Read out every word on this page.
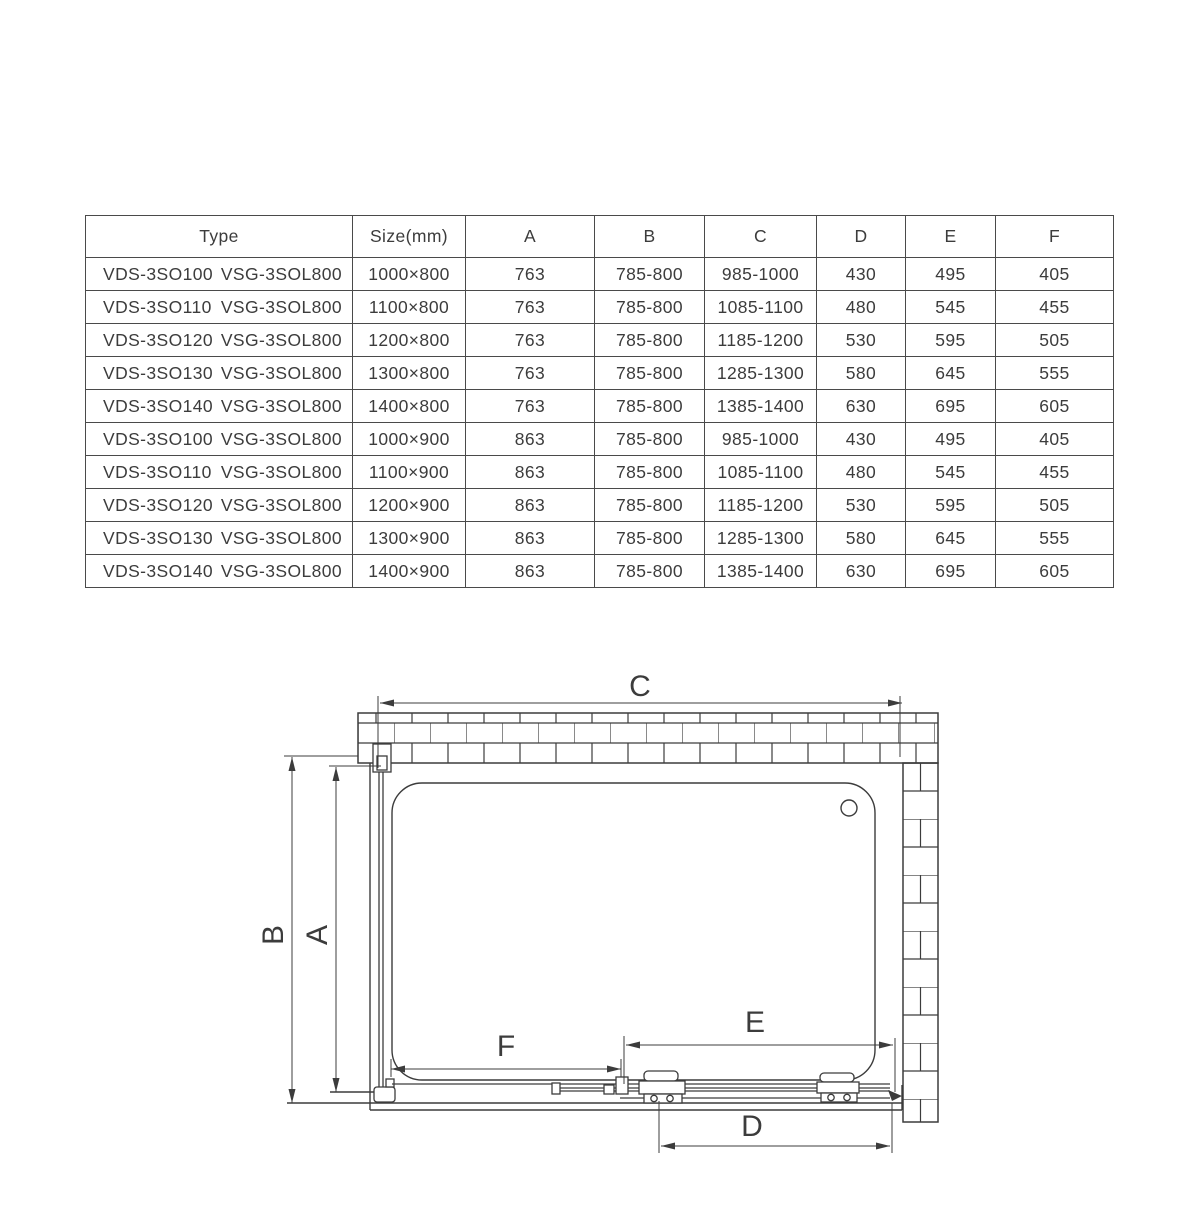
Type	Size(mm)	A	B	C	D	E	F

VDS-3SO100 VSG-3SOL800	1000×800	763	785-800	985-1000	430	495	405

VDS-3SO110 VSG-3SOL800	1100×800	763	785-800	1085-1100	480	545	455

VDS-3SO120 VSG-3SOL800	1200×800	763	785-800	1185-1200	530	595	505

VDS-3SO130 VSG-3SOL800	1300×800	763	785-800	1285-1300	580	645	555

VDS-3SO140 VSG-3SOL800	1400×800	763	785-800	1385-1400	630	695	605

VDS-3SO100 VSG-3SOL800	1000×900	863	785-800	985-1000	430	495	405

VDS-3SO110 VSG-3SOL800	1100×900	863	785-800	1085-1100	480	545	455

VDS-3SO120 VSG-3SOL800	1200×900	863	785-800	1185-1200	530	595	505

VDS-3SO130 VSG-3SOL800	1300×900	863	785-800	1285-1300	580	645	555

VDS-3SO140 VSG-3SOL800	1400×900	863	785-800	1385-1400	630	695	605
C
B A
F
E
D
